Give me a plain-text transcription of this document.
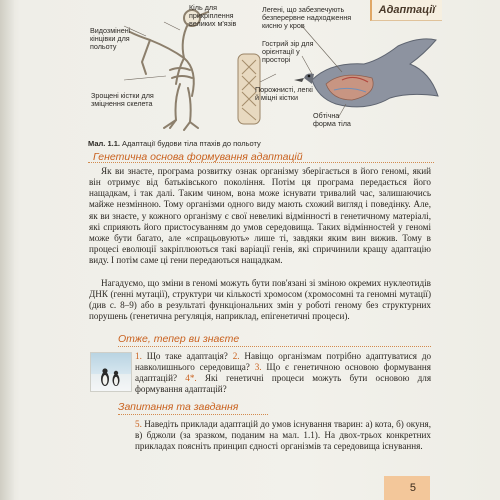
Адаптації
Видозмінені кінцівки для польоту
Кіль для прикріплення великих м'язів
Зрощені кістки для зміцнення скелета
Порожнисті, легкі й міцні кістки
Легені, що забезпечують безперервне надходження кисню у кров
Гострий зір для орієнтації у просторі
Обтічна форма тіла
Мал. 1.1. Адаптації будови тіла птахів до польоту
Генетична основа формування адаптацій

Як ви знаєте, програма розвитку ознак організму зберігається в його геномі, який він отримує від батьківського покоління. Потім ця програма передається його нащадкам, і так далі. Таким чином, вона може існувати тривалий час, залишаючись майже незмінною. Тому організми одного виду мають схожий вигляд і поведінку. Але, як ви знаєте, у кожного організму є свої невеликі відмінності в генетичному матеріалі, які сприяють його пристосуванням до умов середовища. Таких відмінностей у геномі може бути багато, але «спрацьовують» лише ті, завдяки яким вин вижив. Тому в процесі еволюції закріплюються такі варіації генів, які спричинили кращу адаптацію виду. І потім саме ці гени передаються нащадкам.

Нагадуємо, що зміни в геномі можуть бути пов'язані зі зміною окремих нуклеотидів ДНК (генні мутації), структури чи кількості хромосом (хромосомні та геномні мутації) (див с. 8–9) або в результаті функціональних змін у роботі геному без структурних порушень (генетична регуляція, наприклад, епігенетичні процеси).

Отже, тепер ви знаєте

1. Що таке адаптація? 2. Навіщо організмам потрібно адаптуватися до навколишнього середовища? 3. Що є генетичною основою формування адаптацій? 4*. Які генетичні процеси можуть бути основою для формування адаптацій?

Запитання та завдання

5. Наведіть приклади адаптацій до умов існування тварин: а) кота, б) окуня, в) бджоли (за зразком, поданим на мал. 1.1). На двох-трьох конкретних прикладах поясніть принцип єдності організмів та середовища існування.

5
